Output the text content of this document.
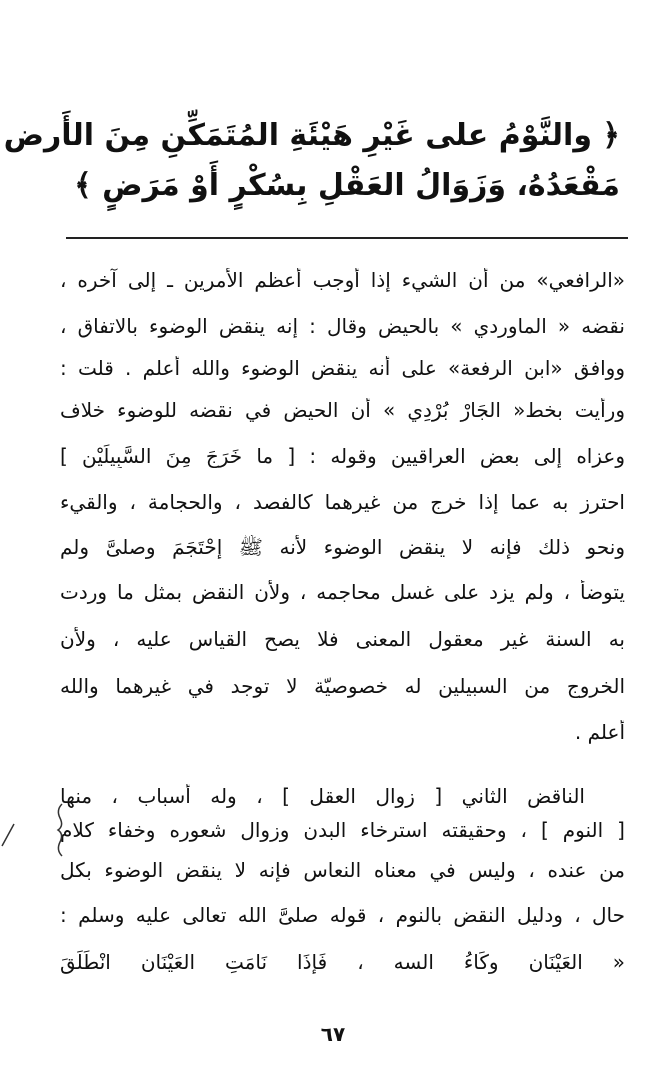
﴿ والنَّوْمُ على غَيْرِ هَيْئَةِ المُتَمَكِّنِ مِنَ الأَرض
مَقْعَدُهُ، وَزَوَالُ العَقْلِ بِسُكْرٍ أَوْ مَرَضٍ ﴾
«الرافعي» من أن الشيء إذا أوجب أعظم الأمرين ـ إلى آخره ،
نقضه « الماوردي » بالحيض وقال : إنه ينقض الوضوء بالاتفاق ،
ووافق «ابن الرفعة» على أنه ينقض الوضوء والله أعلم . قلت :
ورأيت بخط« الجَارْ بُرْدِي » أن الحيض في نقضه للوضوء خلاف
وعزاه إلى بعض العراقيين وقوله : [ ما خَرَجَ مِنَ السَّبِيلَيْنِ ]
احترز به عما إذا خرج من غيرهما كالفصد ، والحجامة ، والقيء
ونحو ذلك فإنه لا ينقض الوضوء لأنه ﷺ إحْتَجَمَ وصلىَّ ولم
يتوضأ ، ولم يزد على غسل محاجمه ، ولأن النقض بمثل ما وردت
به السنة غير معقول المعنى فلا يصح القياس عليه ، ولأن
الخروج من السبيلين له خصوصيّة لا توجد في غيرهما والله
أعلم .
الناقض الثاني [ زوال العقل ] ، وله أسباب ، منها
[ النوم ] ، وحقيقته استرخاء البدن وزوال شعوره وخفاء كلام
من عنده ، وليس في معناه النعاس فإنه لا ينقض الوضوء بكل
حال ، ودليل النقض بالنوم ، قوله صلىَّ الله تعالى عليه وسلم :
« العَيْنَان وكَاءُ السه ، فَإذَا نَامَتِ العَيْنَانِ انْطَلَقَ
٦٧
